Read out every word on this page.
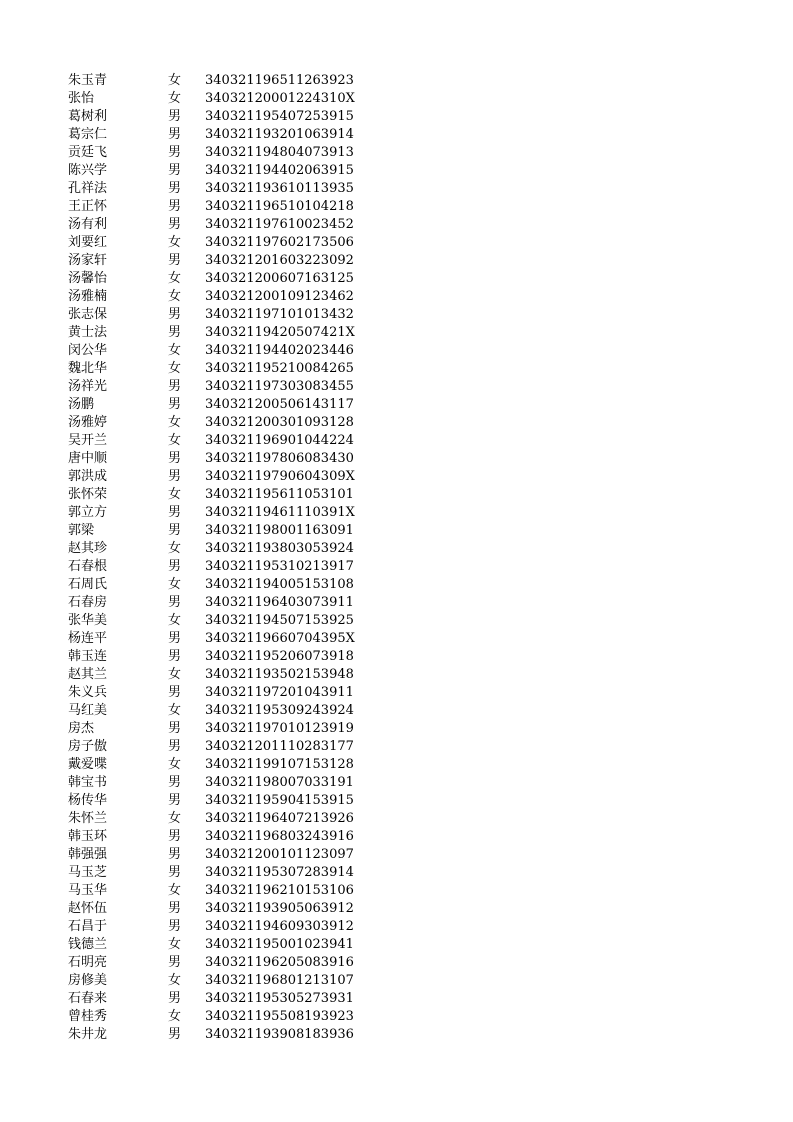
朱玉青	女 340321196511263923
张怡	女 34032120001224310X
葛树利	男 340321195407253915
葛宗仁	男 340321193201063914
贡廷飞	男 340321194804073913
陈兴学	男 340321194402063915
孔祥法	男 340321193610113935
王正怀	男 340321196510104218
汤有利	男 340321197610023452
刘要红	女 340321197602173506
汤家轩	男 340321201603223092
汤馨怡	女 340321200607163125
汤雅楠	女 340321200109123462
张志保	男 340321197101013432
黄士法	男 34032119420507421X
闵公华	女 340321194402023446
魏北华	女 340321195210084265
汤祥光	男 340321197303083455
汤鹏	男 340321200506143117
汤雅婷	女 340321200301093128
吴开兰	女 340321196901044224
唐中顺	男 340321197806083430
郭洪成	男 34032119790604309X
张怀荣	女 340321195611053101
郭立方	男 34032119461110391X
郭梁	男 340321198001163091
赵其珍	女 340321193803053924
石春根	男 340321195310213917
石周氏	女 340321194005153108
石春房	男 340321196403073911
张华美	女 340321194507153925
杨连平	男 34032119660704395X
韩玉连	男 340321195206073918
赵其兰	女 340321193502153948
朱义兵	男 340321197201043911
马红美	女 340321195309243924
房杰	男 340321197010123919
房子傲	男 340321201110283177
戴爱喋	女 340321199107153128
韩宝书	男 340321198007033191
杨传华	男 340321195904153915
朱怀兰	女 340321196407213926
韩玉环	男 340321196803243916
韩强强	男 340321200101123097
马玉芝	男 340321195307283914
马玉华	女 340321196210153106
赵怀伍	男 340321193905063912
石昌于	男 340321194609303912
钱德兰	女 340321195001023941
石明亮	男 340321196205083916
房修美	女 340321196801213107
石春来	男 340321195305273931
曾桂秀	女 340321195508193923
朱井龙	男 340321193908183936
